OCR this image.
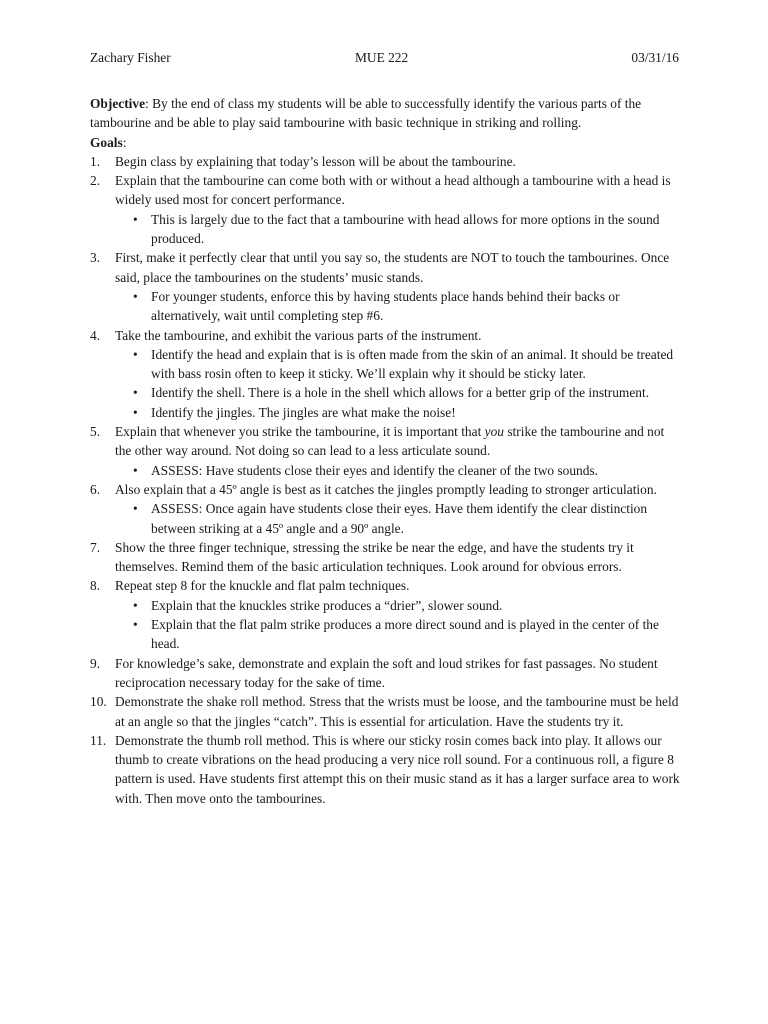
Zachary Fisher	MUE 222	03/31/16

Objective: By the end of class my students will be able to successfully identify the various parts of the tambourine and be able to play said tambourine with basic technique in striking and rolling.

Goals:

1. Begin class by explaining that today’s lesson will be about the tambourine.
2. Explain that the tambourine can come both with or without a head although a tambourine with a head is widely used most for concert performance.
• This is largely due to the fact that a tambourine with head allows for more options in the sound produced.
3. First, make it perfectly clear that until you say so, the students are NOT to touch the tambourines. Once said, place the tambourines on the students’ music stands.
• For younger students, enforce this by having students place hands behind their backs or alternatively, wait until completing step #6.
4. Take the tambourine, and exhibit the various parts of the instrument.
• Identify the head and explain that is is often made from the skin of an animal. It should be treated with bass rosin often to keep it sticky. We’ll explain why it should be sticky later.
• Identify the shell. There is a hole in the shell which allows for a better grip of the instrument.
• Identify the jingles. The jingles are what make the noise!
5. Explain that whenever you strike the tambourine, it is important that you strike the tambourine and not the other way around. Not doing so can lead to a less articulate sound.
• ASSESS: Have students close their eyes and identify the cleaner of the two sounds.
6. Also explain that a 45º angle is best as it catches the jingles promptly leading to stronger articulation.
• ASSESS: Once again have students close their eyes. Have them identify the clear distinction between striking at a 45º angle and a 90º angle.
7. Show the three finger technique, stressing the strike be near the edge, and have the students try it themselves. Remind them of the basic articulation techniques. Look around for obvious errors.
8. Repeat step 8 for the knuckle and flat palm techniques.
• Explain that the knuckles strike produces a “drier”, slower sound.
• Explain that the flat palm strike produces a more direct sound and is played in the center of the head.
9. For knowledge’s sake, demonstrate and explain the soft and loud strikes for fast passages. No student reciprocation necessary today for the sake of time.
10. Demonstrate the shake roll method. Stress that the wrists must be loose, and the tambourine must be held at an angle so that the jingles “catch”. This is essential for articulation. Have the students try it.
11. Demonstrate the thumb roll method. This is where our sticky rosin comes back into play. It allows our thumb to create vibrations on the head producing a very nice roll sound. For a continuous roll, a figure 8 pattern is used. Have students first attempt this on their music stand as it has a larger surface area to work with. Then move onto the tambourines.
